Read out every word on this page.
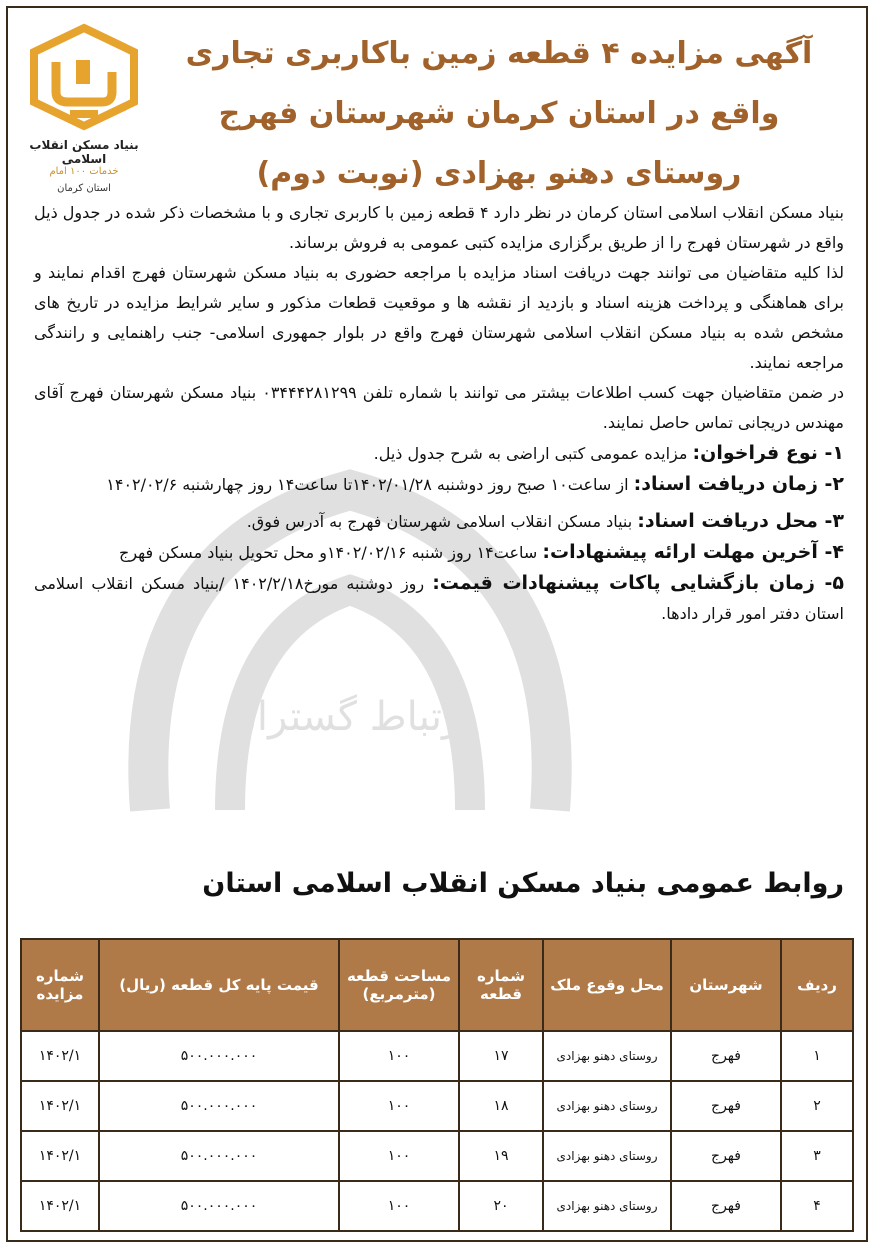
ارتباط گستران
بنیاد مسکن انقلاب اسلامی
خدمات ۱۰۰ امام
استان کرمان
آگهی مزایده ۴ قطعه زمین باکاربری تجاری
واقع در استان کرمان شهرستان فهرج
روستای دهنو بهزادی (نوبت دوم)

بنیاد مسکن انقلاب اسلامی استان کرمان در نظر دارد ۴ قطعه زمین با کاربری تجاری و با مشخصات ذکر شده در جدول ذیل واقع در شهرستان فهرج را از طریق برگزاری مزایده کتبی عمومی به فروش برساند.

لذا کلیه متقاضیان می توانند جهت دریافت اسناد مزایده با مراجعه حضوری به بنیاد مسکن شهرستان فهرج اقدام نمایند و برای هماهنگی و پرداخت هزینه اسناد و بازدید از نقشه ها و موقعیت قطعات مذکور و سایر شرایط مزایده در تاریخ های مشخص شده به بنیاد مسکن انقلاب اسلامی شهرستان فهرج واقع در بلوار جمهوری اسلامی- جنب راهنمایی و رانندگی مراجعه نمایند.

در ضمن متقاضیان جهت کسب اطلاعات بیشتر می توانند با شماره تلفن ۰۳۴۴۴۲۸۱۲۹۹ بنیاد مسکن شهرستان فهرج آقای مهندس دریجانی تماس حاصل نمایند.

۱- نوع فراخوان: مزایده عمومی کتبی اراضی به شرح جدول ذیل.

۲- زمان دریافت اسناد: از ساعت۱۰ صبح روز دوشنبه ۱۴۰۲/۰۱/۲۸تا ساعت۱۴ روز چهارشنبه ۱۴۰۲/۰۲/۶

۳- محل دریافت اسناد: بنیاد مسکن انقلاب اسلامی شهرستان فهرج به آدرس فوق.

۴- آخرین مهلت ارائه پیشنهادات: ساعت۱۴ روز شنبه ۱۴۰۲/۰۲/۱۶و محل تحویل بنیاد مسکن فهرج

۵- زمان بازگشایی پاکات پیشنهادات قیمت: روز دوشنبه مورخ۱۴۰۲/۲/۱۸ /بنیاد مسکن انقلاب اسلامی استان دفتر امور قرار دادها.

روابط عمومی بنیاد مسکن انقلاب اسلامی استان
ردیف	شهرستان	محل وقوع ملک	شماره قطعه	مساحت قطعه (مترمربع)	قیمت پایه کل قطعه (ریال)	شماره مزایده
۱	فهرج	روستای دهنو بهزادی	۱۷	۱۰۰	۵۰۰.۰۰۰.۰۰۰	۱۴۰۲/۱
۲	فهرج	روستای دهنو بهزادی	۱۸	۱۰۰	۵۰۰.۰۰۰.۰۰۰	۱۴۰۲/۱
۳	فهرج	روستای دهنو بهزادی	۱۹	۱۰۰	۵۰۰.۰۰۰.۰۰۰	۱۴۰۲/۱
۴	فهرج	روستای دهنو بهزادی	۲۰	۱۰۰	۵۰۰.۰۰۰.۰۰۰	۱۴۰۲/۱
